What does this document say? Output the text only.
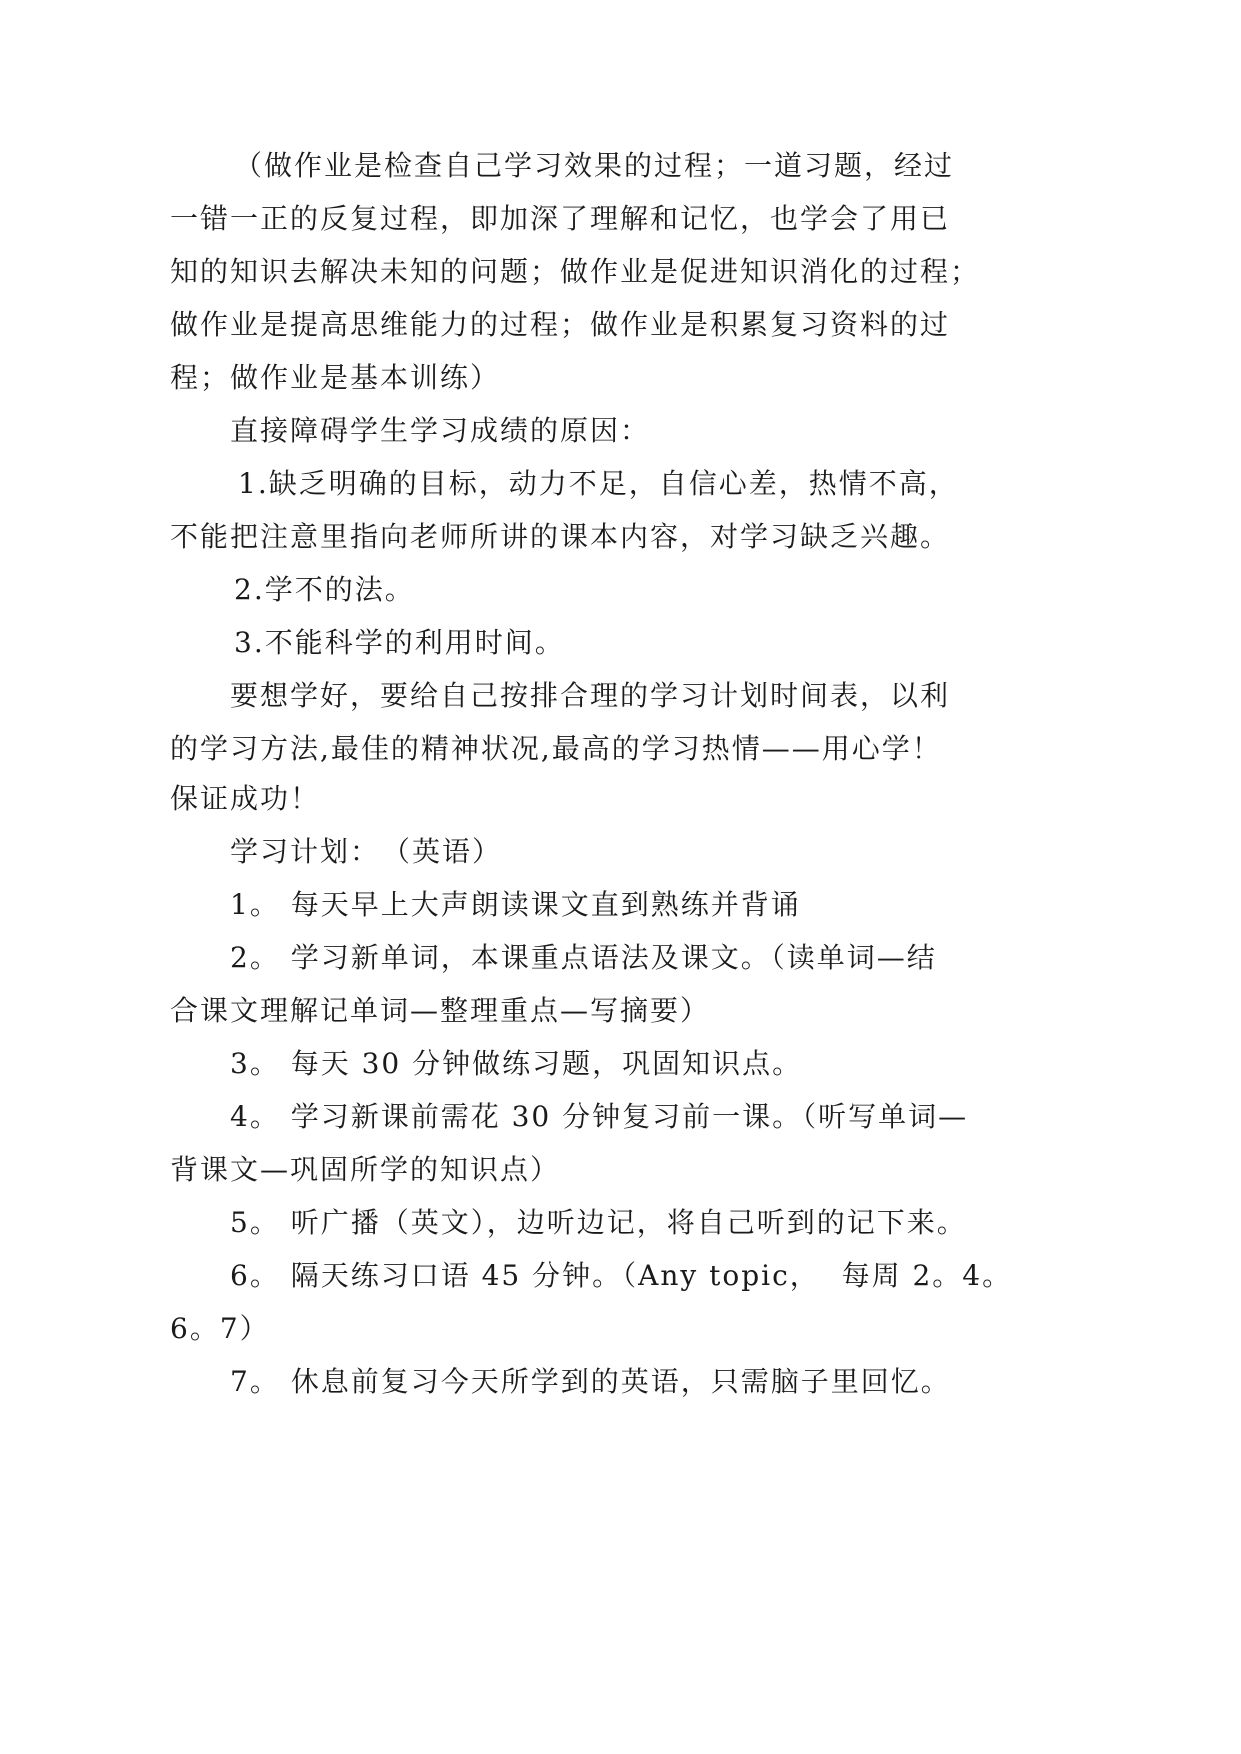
（做作业是检查自己学习效果的过程；一道习题，经过

一错一正的反复过程，即加深了理解和记忆，也学会了用已

知的知识去解决未知的问题；做作业是促进知识消化的过程；

做作业是提高思维能力的过程；做作业是积累复习资料的过

程；做作业是基本训练）

直接障碍学生学习成绩的原因：

1.缺乏明确的目标，动力不足，自信心差，热情不高，

不能把注意里指向老师所讲的课本内容，对学习缺乏兴趣。

2.学不的法。

3.不能科学的利用时间。

要想学好，要给自己按排合理的学习计划时间表，以利

的学习方法,最佳的精神状况,最高的学习热情——用心学！

保证成功！

学习计划：　（英语）

1。 每天早上大声朗读课文直到熟练并背诵

2。 学习新单词，本课重点语法及课文。（读单词—结

合课文理解记单词—整理重点—写摘要）

3。 每天 30 分钟做练习题，巩固知识点。

4。 学习新课前需花 30 分钟复习前一课。（听写单词—

背课文—巩固所学的知识点）

5。 听广播（英文），边听边记，将自己听到的记下来。

6。 隔天练习口语 45 分钟。（Any topic，  每周 2。4。

6。7）

7。 休息前复习今天所学到的英语，只需脑子里回忆。
